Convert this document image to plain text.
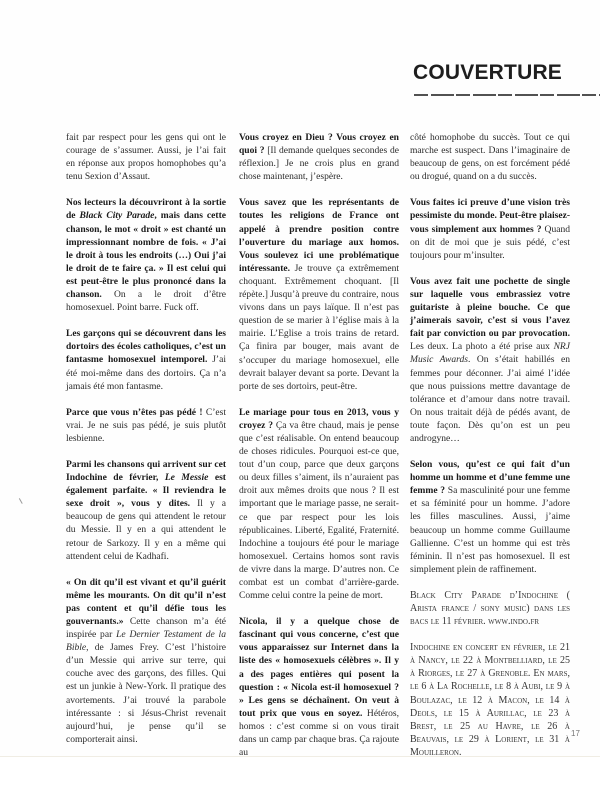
COUVERTURE

fait par respect pour les gens qui ont le courage de s’assumer. Aussi, je l’ai fait en réponse aux propos homophobes qu’a tenu Sexion d’Assaut.

Nos lecteurs la découvriront à la sortie de Black City Parade, mais dans cette chanson, le mot « droit » est chanté un impressionnant nombre de fois. « J’ai le droit à tous les endroits (…) Oui j’ai le droit de te faire ça. » Il est celui qui est peut-être le plus prononcé dans la chanson. On a le droit d’être homosexuel. Point barre. Fuck off.

Les garçons qui se découvrent dans les dortoirs des écoles catholiques, c’est un fantasme homosexuel intemporel. J’ai été moi-même dans des dortoirs. Ça n’a jamais été mon fantasme.

Parce que vous n’êtes pas pédé ! C’est vrai. Je ne suis pas pédé, je suis plutôt lesbienne.

Parmi les chansons qui arrivent sur cet Indochine de février, Le Messie est également parfaite. « Il reviendra le sexe droit », vous y dites. Il y a beaucoup de gens qui attendent le retour du Messie. Il y en a qui attendent le retour de Sarkozy. Il y en a même qui attendent celui de Kadhafi.

« On dit qu’il est vivant et qu’il guérit même les mourants. On dit qu’il n’est pas content et qu’il défie tous les gouvernants.» Cette chanson m’a été inspirée par Le Dernier Testament de la Bible, de James Frey. C’est l’histoire d’un Messie qui arrive sur terre, qui couche avec des garçons, des filles. Qui est un junkie à New-York. Il pratique des avortements. J’ai trouvé la parabole intéressante : si Jésus-Christ revenait aujourd’hui, je pense qu’il se comporterait ainsi.

Vous croyez en Dieu ? Vous croyez en quoi ? [Il demande quelques secondes de réflexion.] Je ne crois plus en grand chose maintenant, j’espère.

Vous savez que les représentants de toutes les religions de France ont appelé à prendre position contre l’ouverture du mariage aux homos. Vous soulevez ici une problématique intéressante. Je trouve ça extrêmement choquant. Extrêmement choquant. [Il répète.] Jusqu’à preuve du contraire, nous vivons dans un pays laïque. Il n’est pas question de se marier à l’église mais à la mairie. L’Eglise a trois trains de retard. Ça finira par bouger, mais avant de s’occuper du mariage homosexuel, elle devrait balayer devant sa porte. Devant la porte de ses dortoirs, peut-être.

Le mariage pour tous en 2013, vous y croyez ? Ça va être chaud, mais je pense que c’est réalisable. On entend beaucoup de choses ridicules. Pourquoi est-ce que, tout d’un coup, parce que deux garçons ou deux filles s’aiment, ils n’auraient pas droit aux mêmes droits que nous ? Il est important que le mariage passe, ne serait-ce que par respect pour les lois républicaines. Liberté, Egalité, Fraternité. Indochine a toujours été pour le mariage homosexuel. Certains homos sont ravis de vivre dans la marge. D’autres non. Ce combat est un combat d’arrière-garde. Comme celui contre la peine de mort.

Nicola, il y a quelque chose de fascinant qui vous concerne, c’est que vous apparaissez sur Internet dans la liste des « homosexuels célèbres ». Il y a des pages entières qui posent la question : « Nicola est-il homosexuel ? » Les gens se déchaînent. On veut à tout prix que vous en soyez. Hétéros, homos : c’est comme si on vous tirait dans un camp par chaque bras. Ça rajoute au

côté homophobe du succès. Tout ce qui marche est suspect. Dans l’imaginaire de beaucoup de gens, on est forcément pédé ou drogué, quand on a du succès.

Vous faites ici preuve d’une vision très pessimiste du monde. Peut-être plaisez-vous simplement aux hommes ? Quand on dit de moi que je suis pédé, c’est toujours pour m’insulter.

Vous avez fait une pochette de single sur laquelle vous embrassiez votre guitariste à pleine bouche. Ce que j’aimerais savoir, c’est si vous l’avez fait par conviction ou par provocation. Les deux. La photo a été prise aux NRJ Music Awards. On s’était habillés en femmes pour déconner. J’ai aimé l’idée que nous puissions mettre davantage de tolérance et d’amour dans notre travail. On nous traitait déjà de pédés avant, de toute façon. Dès qu’on est un peu androgyne…

Selon vous, qu’est ce qui fait d’un homme un homme et d’une femme une femme ? Sa masculinité pour une femme et sa féminité pour un homme. J’adore les filles masculines. Aussi, j’aime beaucoup un homme comme Guillaume Gallienne. C’est un homme qui est très féminin. Il n’est pas homosexuel. Il est simplement plein de raffinement.

Black City Parade d’Indochine ( Arista france / sony music) dans les bacs le 11 février. www.indo.fr

Indochine en concert en février, le 21 à Nancy, le 22 à Montbelliard, le 25 à Riorges, le 27 à Grenoble. En mars, le 6 à La Rochelle, le 8 à Aubi, le 9 à Boulazac, le 12 à Macon, le 14 à Deols, le 15 à Aurillac, le 23 à Brest, le 25 au Havre, le 26 à Beauvais, le 29 à Lorient, le 31 à Mouilleron.

17
